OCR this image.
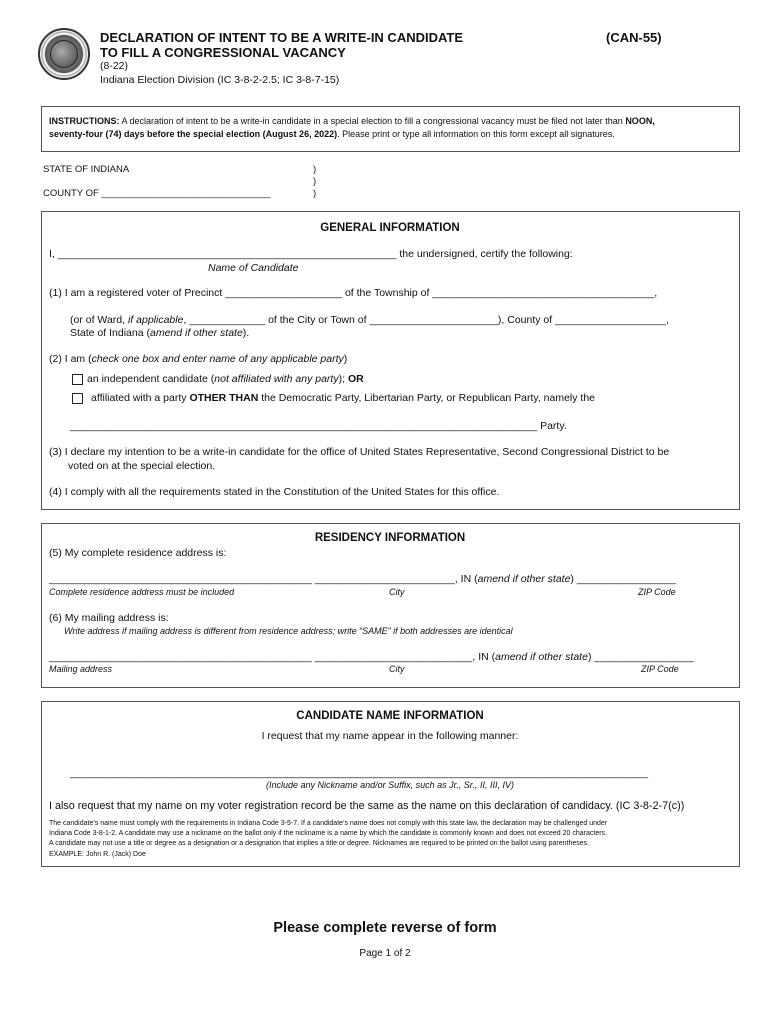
DECLARATION OF INTENT TO BE A WRITE-IN CANDIDATE
TO FILL A CONGRESSIONAL VACANCY
(CAN-55)
(8-22)
Indiana Election Division (IC 3-8-2-2.5; IC 3-8-7-15)
INSTRUCTIONS: A declaration of intent to be a write-in candidate in a special election to fill a congressional vacancy must be filed not later than NOON,
seventy-four (74) days before the special election (August 26, 2022). Please print or type all information on this form except all signatures.
STATE OF INDIANA	)
)
COUNTY OF ________________________________	)
GENERAL INFORMATION
I, __________________________________________________________ the undersigned, certify the following:
Name of Candidate
(1) I am a registered voter of Precinct ____________________ of the Township of ______________________________________,
(or of Ward, if applicable, _____________ of the City or Town of ______________________), County of ___________________,
State of Indiana (amend if other state).
(2) I am (check one box and enter name of any applicable party)
an independent candidate (not affiliated with any party); OR
affiliated with a party OTHER THAN the Democratic Party, Libertarian Party, or Republican Party, namely the
________________________________________________________________________________ Party.
(3) I declare my intention to be a write-in candidate for the office of United States Representative, Second Congressional District to be
voted on at the special election.
(4) I comply with all the requirements stated in the Constitution of the United States for this office.
RESIDENCY INFORMATION
(5) My complete residence address is:
_____________________________________________ ________________________, IN (amend if other state) _________________
Complete residence address must be included	City	ZIP Code
(6) My mailing address is:
Write address if mailing address is different from residence address; write “SAME” if both addresses are identical
_____________________________________________ ___________________________, IN (amend if other state) _________________
Mailing address	City	ZIP Code
CANDIDATE NAME INFORMATION
I request that my name appear in the following manner:
___________________________________________________________________________________________________
(Include any Nickname and/or Suffix, such as Jr., Sr., II, III, IV)
I also request that my name on my voter registration record be the same as the name on this declaration of candidacy. (IC 3-8-2-7(c))
The candidate’s name must comply with the requirements in Indiana Code 3-5-7. If a candidate’s name does not comply with this state law, the declaration may be challenged under
Indiana Code 3-8-1-2. A candidate may use a nickname on the ballot only if the nickname is a name by which the candidate is commonly known and does not exceed 20 characters.
A candidate may not use a title or degree as a designation or a designation that implies a title or degree. Nicknames are required to be printed on the ballot using parentheses.
EXAMPLE: John R. (Jack) Doe
Please complete reverse of form
Page 1 of 2
